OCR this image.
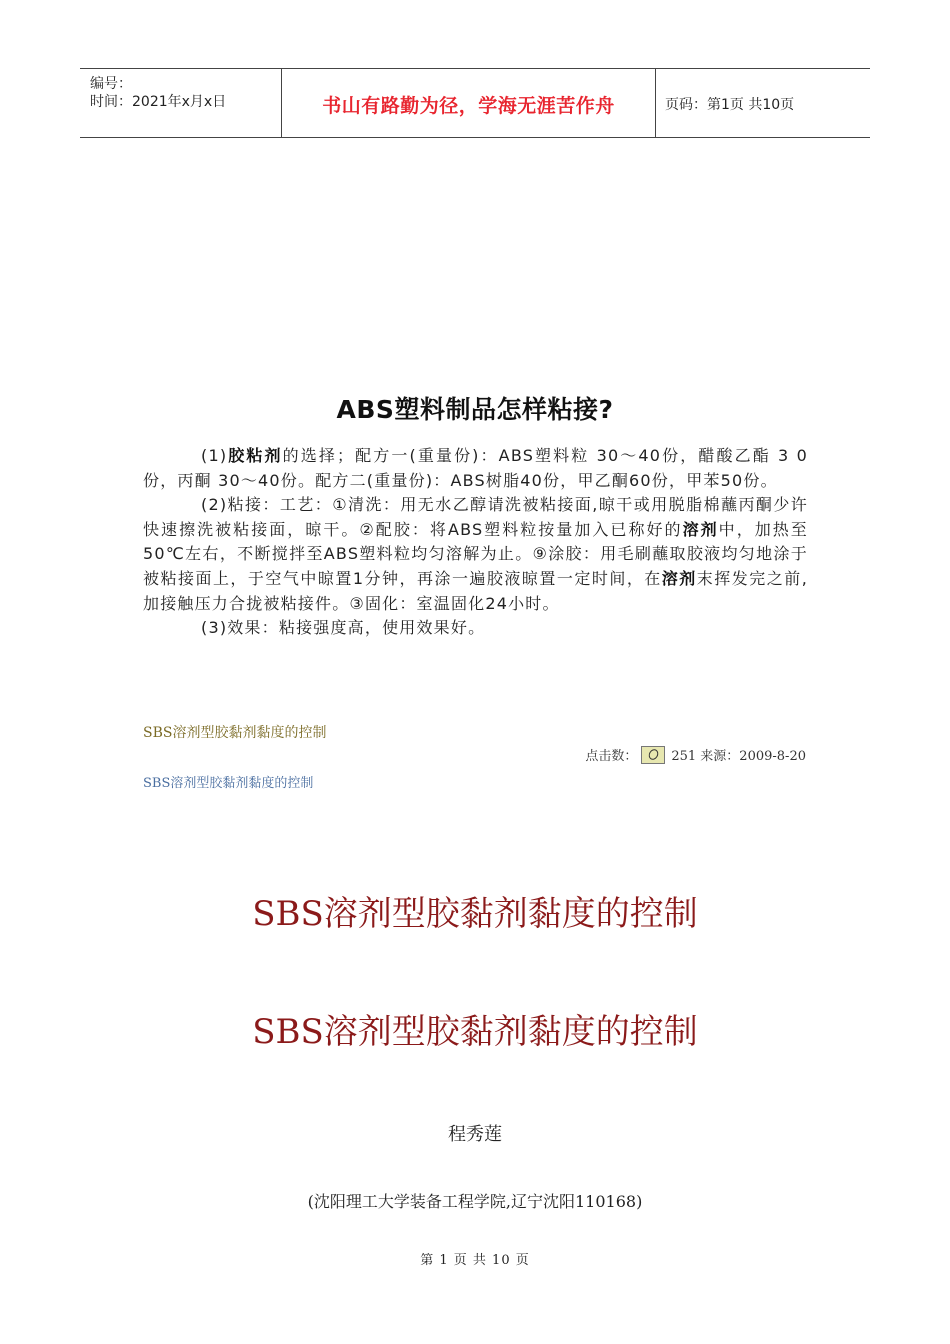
编号：
时间：2021年x月x日	书山有路勤为径，学海无涯苦作舟	页码：第1页 共10页
ABS塑料制品怎样粘接?

(1)胶粘剂的选择；配方一(重量份)：ABS塑料粒 30～40份，醋酸乙酯 3 0份，丙酮 30～40份。配方二(重量份)：ABS树脂40份，甲乙酮60份，甲苯50份。

(2)粘接：工艺：①清洗：用无水乙醇请洗被粘接面,晾干或用脱脂棉蘸丙酮少许快速擦洗被粘接面，晾干。②配胶：将ABS塑料粒按量加入已称好的溶剂中，加热至50℃左右，不断搅拌至ABS塑料粒均匀溶解为止。⑨涂胶：用毛刷蘸取胶液均匀地涂于被粘接面上，于空气中晾置1分钟，再涂一遍胶液晾置一定时间，在溶剂末挥发完之前,加接触压力合拢被粘接件。③固化：室温固化24小时。

(3)效果：粘接强度高，使用效果好。

SBS溶剂型胶黏剂黏度的控制
点击数：	251 来源：2009-8-20
SBS溶剂型胶黏剂黏度的控制
SBS溶剂型胶黏剂黏度的控制
SBS溶剂型胶黏剂黏度的控制
程秀莲
(沈阳理工大学装备工程学院,辽宁沈阳110168)
第 1 页 共 10 页
